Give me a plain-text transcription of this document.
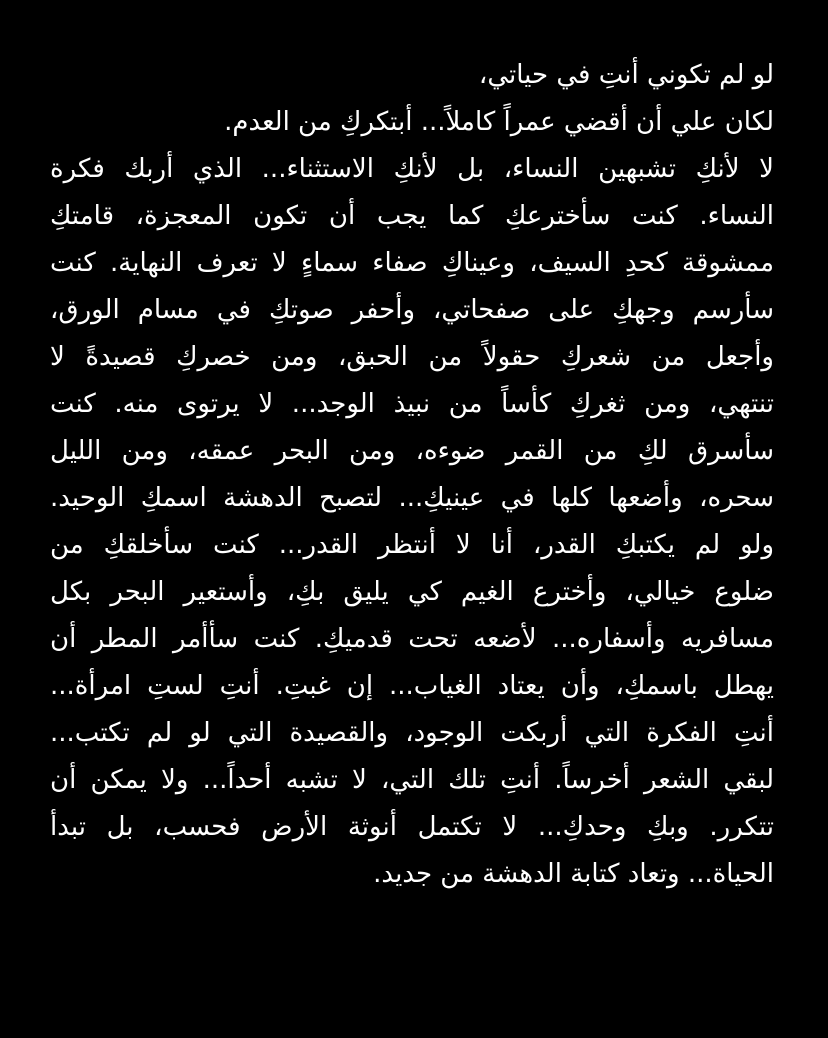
لو لم تكوني أنتِ في حياتي،
لكان علي أن أقضي عمراً كاملاً... أبتكركِ من العدم.
لا لأنكِ تشبهين النساء، بل لأنكِ الاستثناء... الذي أربك فكرة
النساء. كنت سأخترعكِ كما يجب أن تكون المعجزة، قامتكِ
ممشوقة كحدِ السيف، وعيناكِ صفاء سماءٍ لا تعرف النهاية. كنت
سأرسم وجهكِ على صفحاتي، وأحفر صوتكِ في مسام الورق،
وأجعل من شعركِ حقولاً من الحبق، ومن خصركِ قصيدةً لا
تنتهي، ومن ثغركِ كأساً من نبيذ الوجد... لا يرتوى منه. كنت
سأسرق لكِ من القمر ضوءه، ومن البحر عمقه، ومن الليل
سحره، وأضعها كلها في عينيكِ... لتصبح الدهشة اسمكِ الوحيد.
ولو لم يكتبكِ القدر، أنا لا أنتظر القدر... كنت سأخلقكِ من
ضلوع خيالي، وأخترع الغيم كي يليق بكِ، وأستعير البحر بكل
مسافريه وأسفاره... لأضعه تحت قدميكِ. كنت سأأمر المطر أن
يهطل باسمكِ، وأن يعتاد الغياب... إن غبتِ. أنتِ لستِ امرأة...
أنتِ الفكرة التي أربكت الوجود، والقصيدة التي لو لم تكتب...
لبقي الشعر أخرساً. أنتِ تلك التي، لا تشبه أحداً... ولا يمكن أن
تتكرر. وبكِ وحدكِ... لا تكتمل أنوثة الأرض فحسب، بل تبدأ
الحياة... وتعاد كتابة الدهشة من جديد.
